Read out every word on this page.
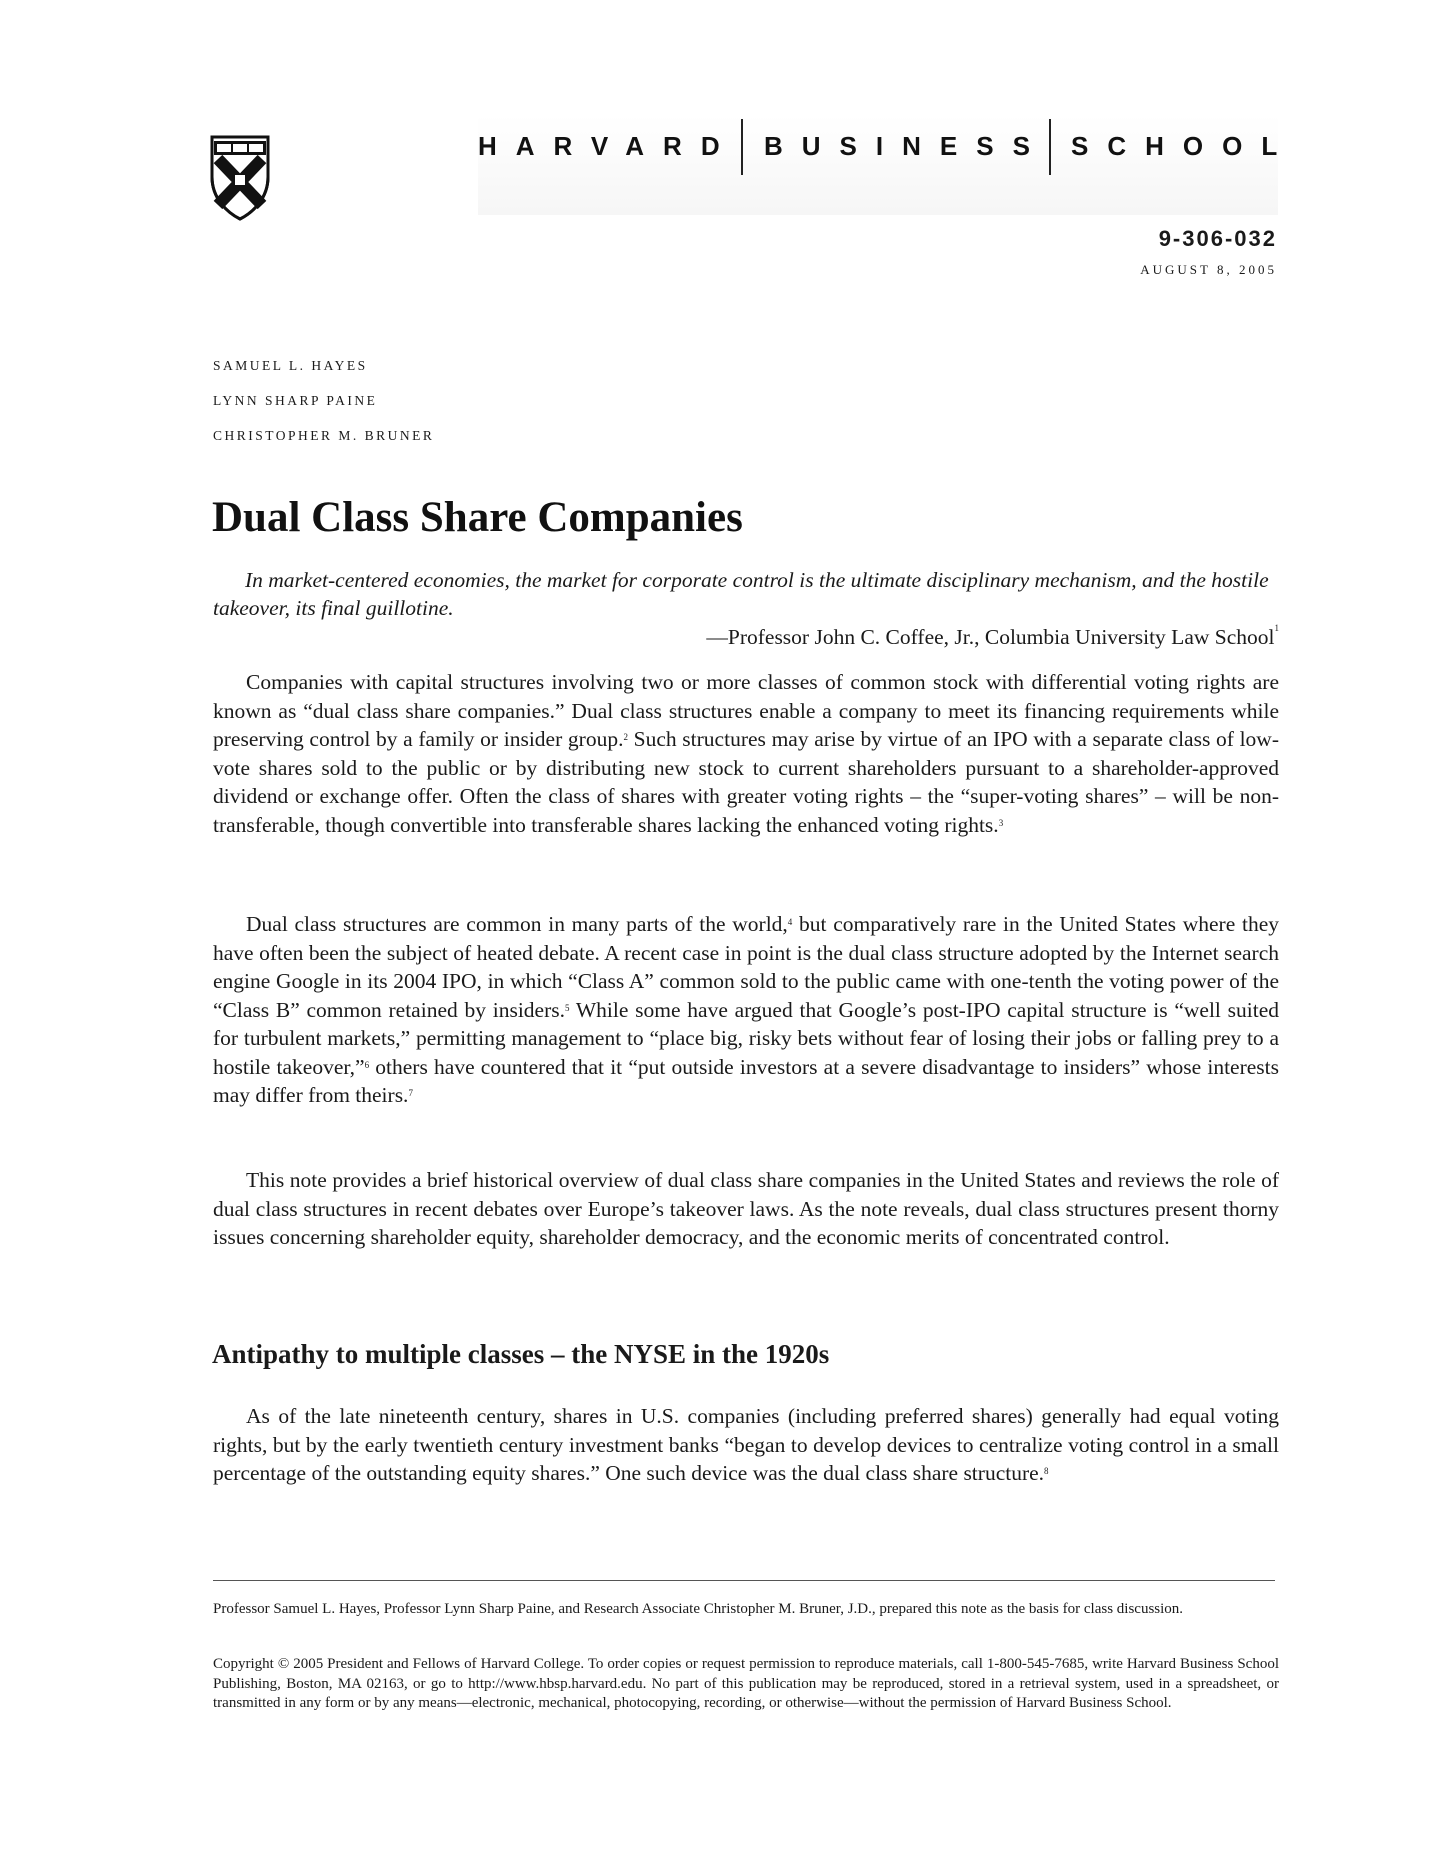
HARVARD BUSINESS SCHOOL
9-306-032
AUGUST 8, 2005
SAMUEL L. HAYES
LYNN SHARP PAINE
CHRISTOPHER M. BRUNER
Dual Class Share Companies
In market-centered economies, the market for corporate control is the ultimate disciplinary mechanism, and the hostile takeover, its final guillotine.
—Professor John C. Coffee, Jr., Columbia University Law School$^1$

Companies with capital structures involving two or more classes of common stock with differential voting rights are known as “dual class share companies.” Dual class structures enable a company to meet its financing requirements while preserving control by a family or insider group.$^2$ Such structures may arise by virtue of an IPO with a separate class of low-vote shares sold to the public or by distributing new stock to current shareholders pursuant to a shareholder-approved dividend or exchange offer. Often the class of shares with greater voting rights – the “super-voting shares” – will be non-transferable, though convertible into transferable shares lacking the enhanced voting rights.$^3$

Dual class structures are common in many parts of the world,$^4$ but comparatively rare in the United States where they have often been the subject of heated debate. A recent case in point is the dual class structure adopted by the Internet search engine Google in its 2004 IPO, in which “Class A” common sold to the public came with one-tenth the voting power of the “Class B” common retained by insiders.$^5$ While some have argued that Google’s post-IPO capital structure is “well suited for turbulent markets,” permitting management to “place big, risky bets without fear of losing their jobs or falling prey to a hostile takeover,”$^6$ others have countered that it “put outside investors at a severe disadvantage to insiders” whose interests may differ from theirs.$^7$

This note provides a brief historical overview of dual class share companies in the United States and reviews the role of dual class structures in recent debates over Europe’s takeover laws. As the note reveals, dual class structures present thorny issues concerning shareholder equity, shareholder democracy, and the economic merits of concentrated control.

Antipathy to multiple classes – the NYSE in the 1920s

As of the late nineteenth century, shares in U.S. companies (including preferred shares) generally had equal voting rights, but by the early twentieth century investment banks “began to develop devices to centralize voting control in a small percentage of the outstanding equity shares.” One such device was the dual class share structure.$^8$

Professor Samuel L. Hayes, Professor Lynn Sharp Paine, and Research Associate Christopher M. Bruner, J.D., prepared this note as the basis for class discussion.

Copyright © 2005 President and Fellows of Harvard College. To order copies or request permission to reproduce materials, call 1-800-545-7685, write Harvard Business School Publishing, Boston, MA 02163, or go to http://www.hbsp.harvard.edu. No part of this publication may be reproduced, stored in a retrieval system, used in a spreadsheet, or transmitted in any form or by any means—electronic, mechanical, photocopying, recording, or otherwise—without the permission of Harvard Business School.
